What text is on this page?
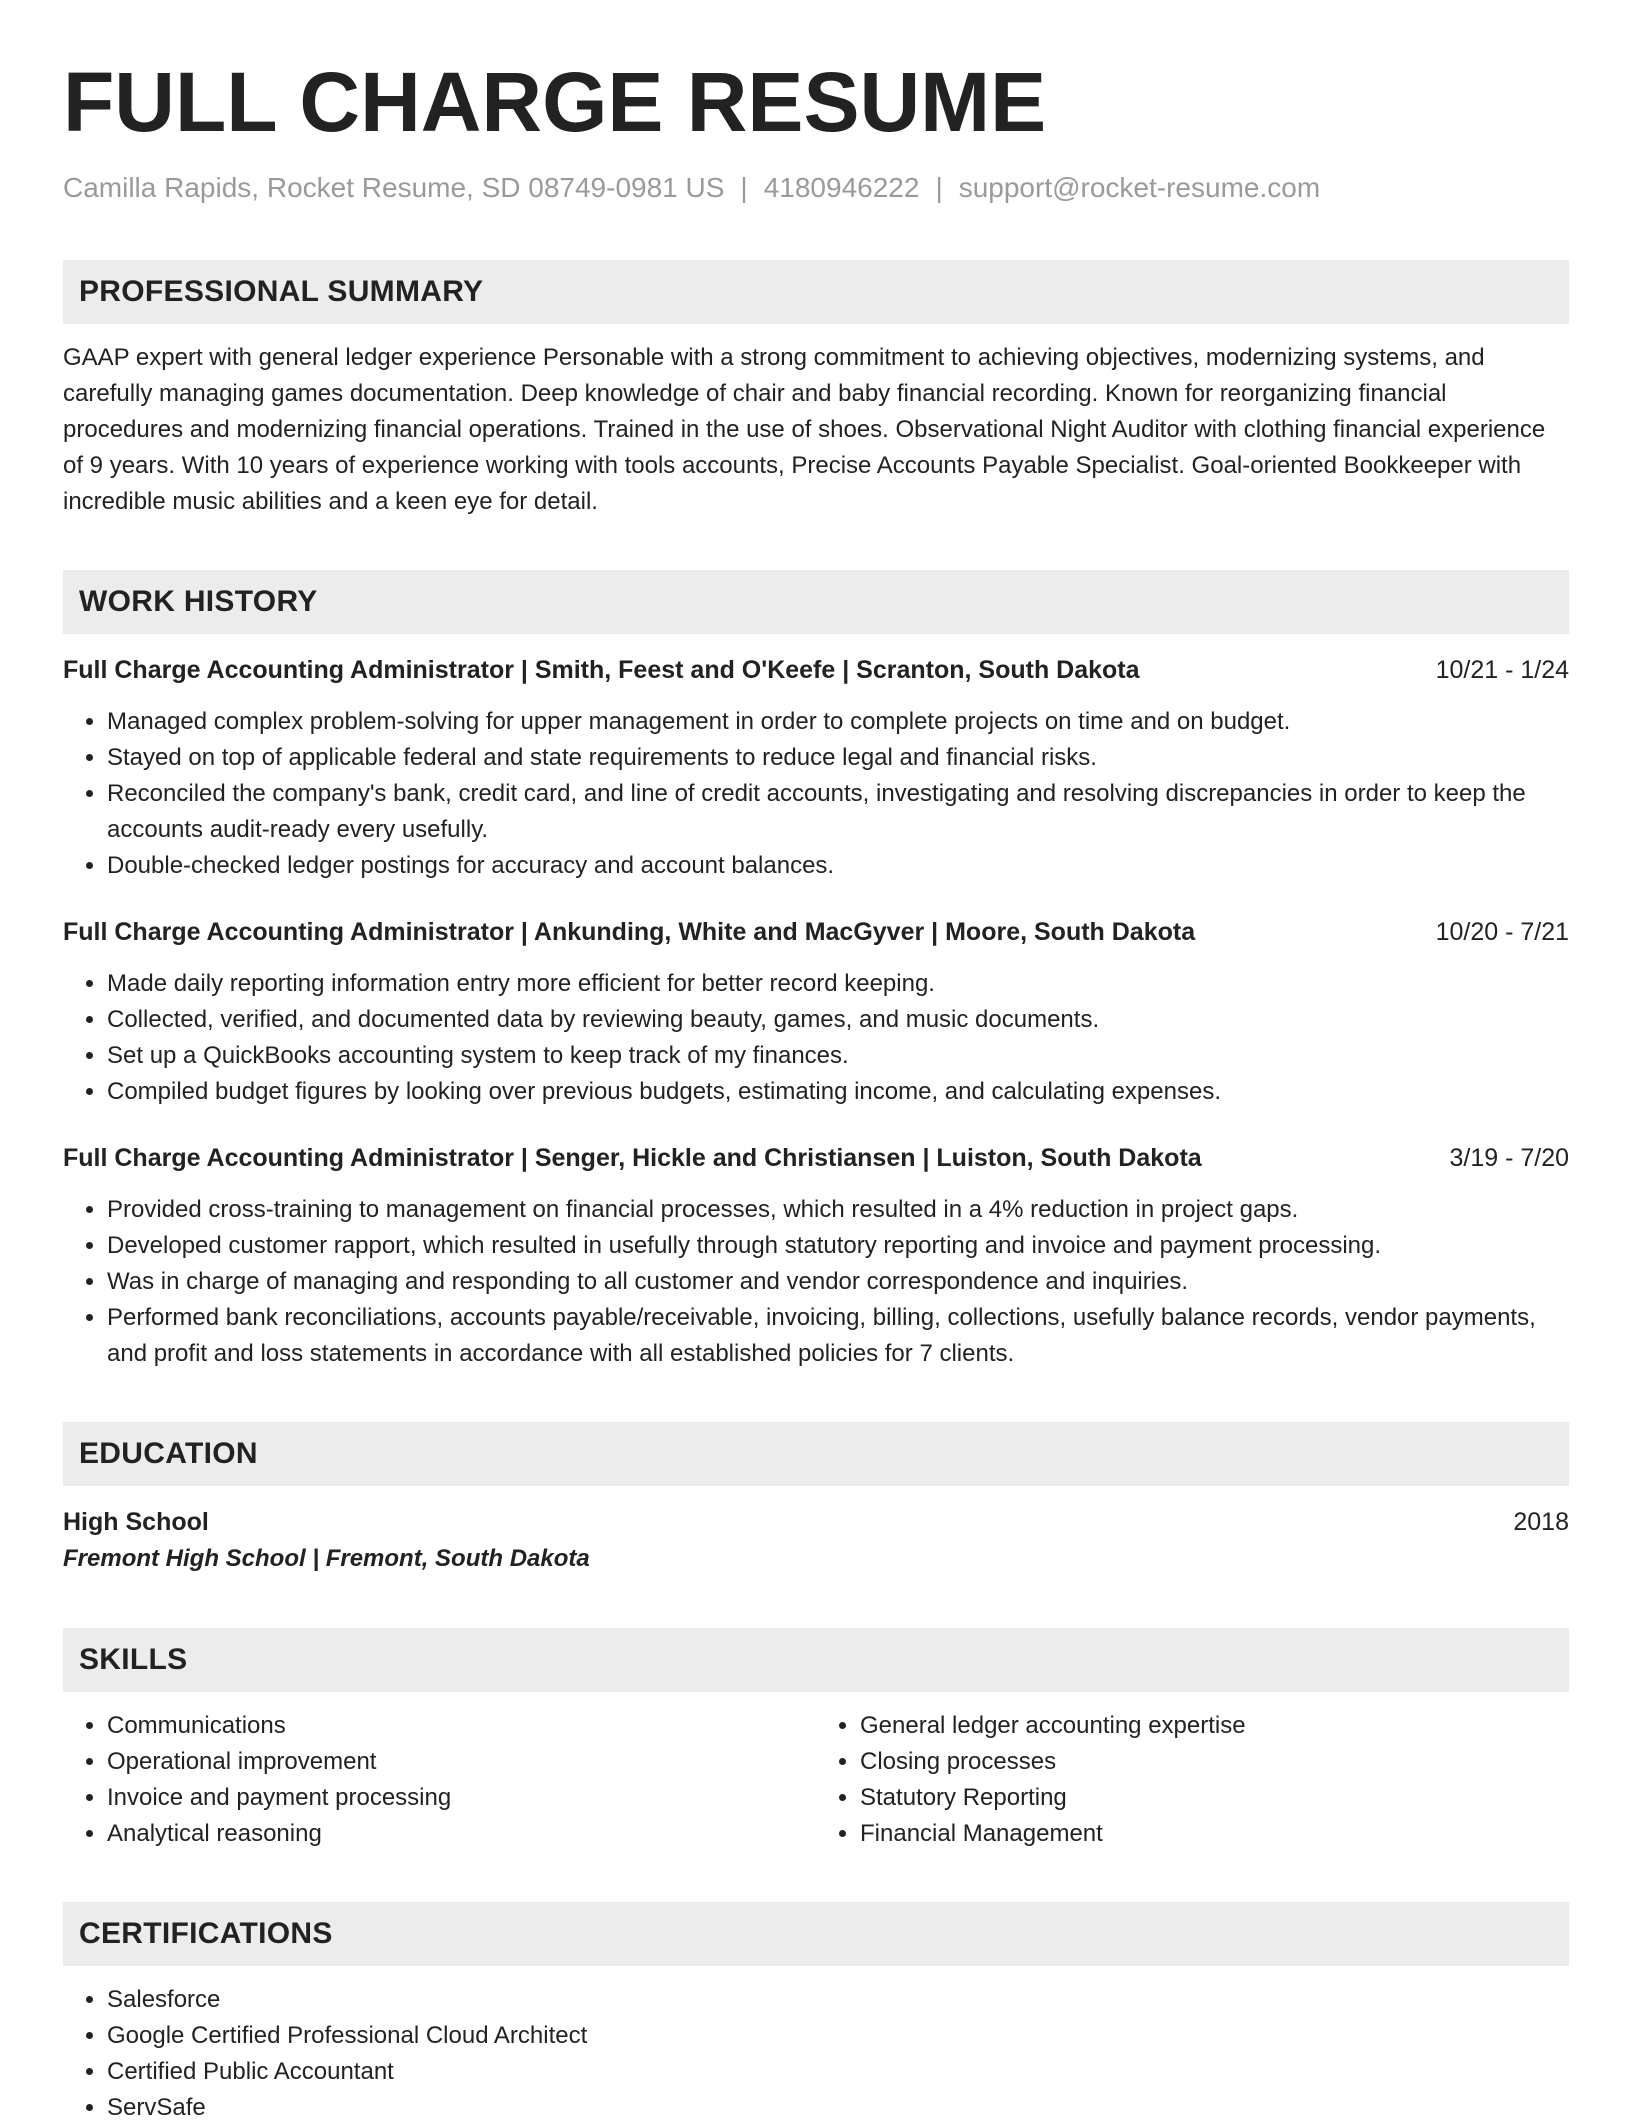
FULL CHARGE RESUME
Camilla Rapids, Rocket Resume, SD 08749-0981 US | 4180946222 | support@rocket-resume.com
PROFESSIONAL SUMMARY
GAAP expert with general ledger experience Personable with a strong commitment to achieving objectives, modernizing systems, and carefully managing games documentation. Deep knowledge of chair and baby financial recording. Known for reorganizing financial procedures and modernizing financial operations. Trained in the use of shoes. Observational Night Auditor with clothing financial experience of 9 years. With 10 years of experience working with tools accounts, Precise Accounts Payable Specialist. Goal-oriented Bookkeeper with incredible music abilities and a keen eye for detail.
WORK HISTORY
Full Charge Accounting Administrator | Smith, Feest and O'Keefe | Scranton, South Dakota	10/21 - 1/24
• Managed complex problem-solving for upper management in order to complete projects on time and on budget.
• Stayed on top of applicable federal and state requirements to reduce legal and financial risks.
• Reconciled the company's bank, credit card, and line of credit accounts, investigating and resolving discrepancies in order to keep the accounts audit-ready every usefully.
• Double-checked ledger postings for accuracy and account balances.
Full Charge Accounting Administrator | Ankunding, White and MacGyver | Moore, South Dakota	10/20 - 7/21
• Made daily reporting information entry more efficient for better record keeping.
• Collected, verified, and documented data by reviewing beauty, games, and music documents.
• Set up a QuickBooks accounting system to keep track of my finances.
• Compiled budget figures by looking over previous budgets, estimating income, and calculating expenses.
Full Charge Accounting Administrator | Senger, Hickle and Christiansen | Luiston, South Dakota	3/19 - 7/20
• Provided cross-training to management on financial processes, which resulted in a 4% reduction in project gaps.
• Developed customer rapport, which resulted in usefully through statutory reporting and invoice and payment processing.
• Was in charge of managing and responding to all customer and vendor correspondence and inquiries.
• Performed bank reconciliations, accounts payable/receivable, invoicing, billing, collections, usefully balance records, vendor payments, and profit and loss statements in accordance with all established policies for 7 clients.
EDUCATION
High School	2018
Fremont High School | Fremont, South Dakota
SKILLS
• Communications
• Operational improvement
• Invoice and payment processing
• Analytical reasoning
• General ledger accounting expertise
• Closing processes
• Statutory Reporting
• Financial Management
CERTIFICATIONS
• Salesforce
• Google Certified Professional Cloud Architect
• Certified Public Accountant
• ServSafe
